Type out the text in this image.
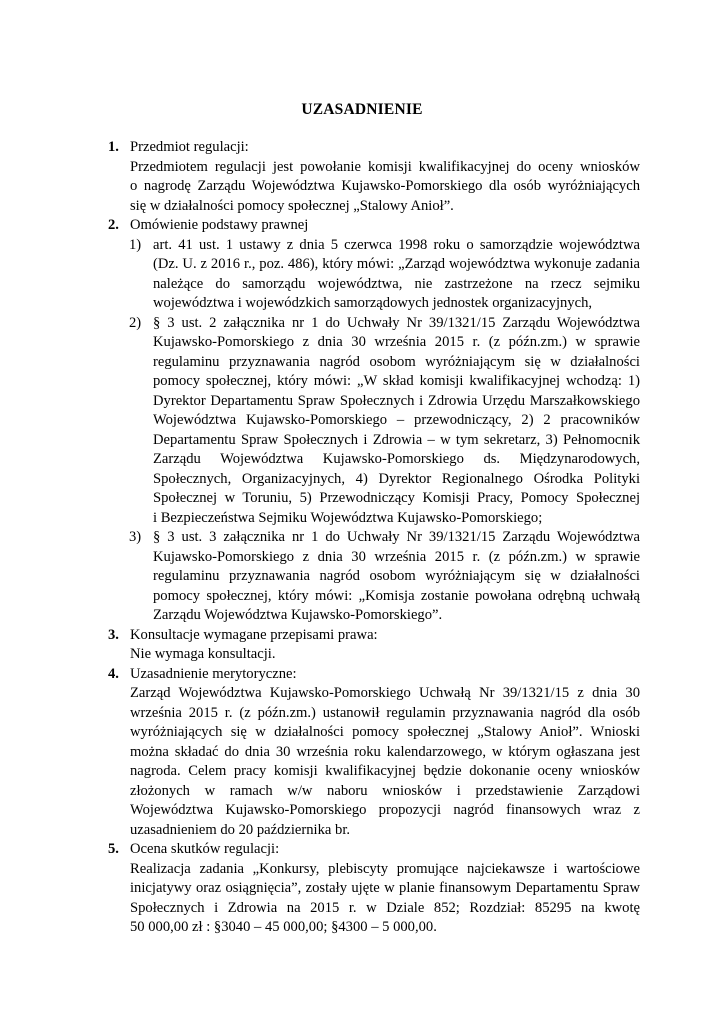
UZASADNIENIE
1. Przedmiot regulacji:
Przedmiotem regulacji jest powołanie komisji kwalifikacyjnej do oceny wniosków
o nagrodę Zarządu Województwa Kujawsko-Pomorskiego dla osób wyróżniających
się w działalności pomocy społecznej „Stalowy Anioł”.
2. Omówienie podstawy prawnej
1) art. 41 ust. 1 ustawy z dnia 5 czerwca 1998 roku o samorządzie województwa
(Dz. U. z 2016 r., poz. 486), który mówi: „Zarząd województwa wykonuje zadania
należące do samorządu województwa, nie zastrzeżone na rzecz sejmiku
województwa i wojewódzkich samorządowych jednostek organizacyjnych,
2) § 3 ust. 2 załącznika nr 1 do Uchwały Nr 39/1321/15 Zarządu Województwa
Kujawsko-Pomorskiego z dnia 30 września 2015 r. (z późn.zm.) w sprawie
regulaminu przyznawania nagród osobom wyróżniającym się w działalności
pomocy społecznej, który mówi: „W skład komisji kwalifikacyjnej wchodzą: 1)
Dyrektor Departamentu Spraw Społecznych i Zdrowia Urzędu Marszałkowskiego
Województwa Kujawsko-Pomorskiego – przewodniczący, 2) 2 pracowników
Departamentu Spraw Społecznych i Zdrowia – w tym sekretarz, 3) Pełnomocnik
Zarządu Województwa Kujawsko-Pomorskiego ds. Międzynarodowych,
Społecznych, Organizacyjnych, 4) Dyrektor Regionalnego Ośrodka Polityki
Społecznej w Toruniu, 5) Przewodniczący Komisji Pracy, Pomocy Społecznej
i Bezpieczeństwa Sejmiku Województwa Kujawsko-Pomorskiego;
3) § 3 ust. 3 załącznika nr 1 do Uchwały Nr 39/1321/15 Zarządu Województwa
Kujawsko-Pomorskiego z dnia 30 września 2015 r. (z późn.zm.) w sprawie
regulaminu przyznawania nagród osobom wyróżniającym się w działalności
pomocy społecznej, który mówi: „Komisja zostanie powołana odrębną uchwałą
Zarządu Województwa Kujawsko-Pomorskiego”.
3. Konsultacje wymagane przepisami prawa:
Nie wymaga konsultacji.
4. Uzasadnienie merytoryczne:
Zarząd Województwa Kujawsko-Pomorskiego Uchwałą Nr 39/1321/15 z dnia 30
września 2015 r. (z późn.zm.) ustanowił regulamin przyznawania nagród dla osób
wyróżniających się w działalności pomocy społecznej „Stalowy Anioł”. Wnioski
można składać do dnia 30 września roku kalendarzowego, w którym ogłaszana jest
nagroda. Celem pracy komisji kwalifikacyjnej będzie dokonanie oceny wniosków
złożonych w ramach w/w naboru wniosków i przedstawienie Zarządowi
Województwa Kujawsko-Pomorskiego propozycji nagród finansowych wraz z
uzasadnieniem do 20 października br.
5. Ocena skutków regulacji:
Realizacja zadania „Konkursy, plebiscyty promujące najciekawsze i wartościowe
inicjatywy oraz osiągnięcia”, zostały ujęte w planie finansowym Departamentu Spraw
Społecznych i Zdrowia na 2015 r. w Dziale 852; Rozdział: 85295 na kwotę
50 000,00 zł : §3040 – 45 000,00; §4300 – 5 000,00.
